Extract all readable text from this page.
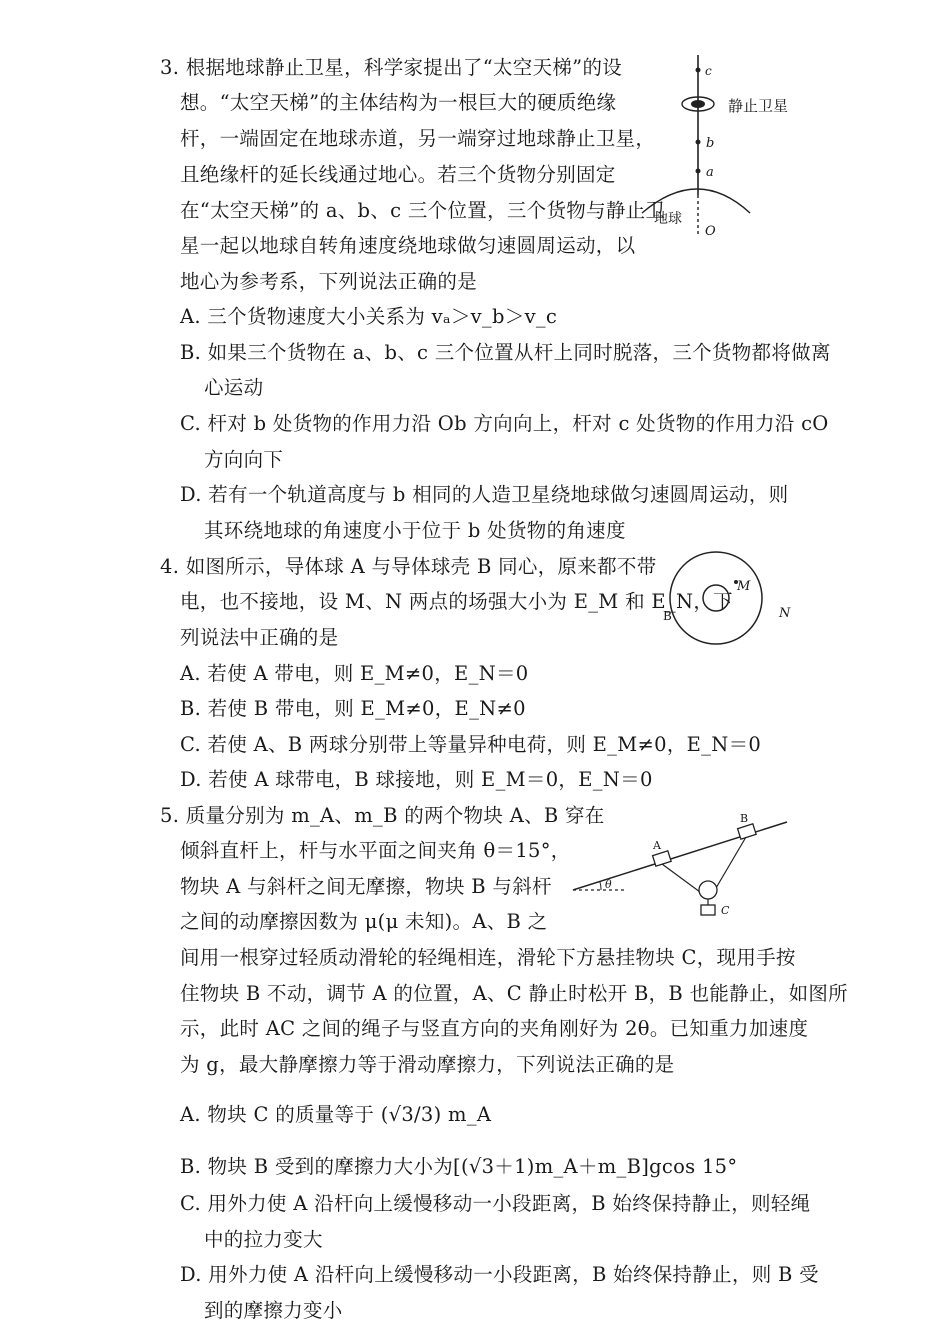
3. 根据地球静止卫星，科学家提出了“太空天梯”的设
想。“太空天梯”的主体结构为一根巨大的硬质绝缘
杆，一端固定在地球赤道，另一端穿过地球静止卫星，
且绝缘杆的延长线通过地心。若三个货物分别固定
在“太空天梯”的 a、b、c 三个位置，三个货物与静止卫
星一起以地球自转角速度绕地球做匀速圆周运动，以
地心为参考系，下列说法正确的是
A. 三个货物速度大小关系为 vₐ＞v_b＞v_c
B. 如果三个货物在 a、b、c 三个位置从杆上同时脱落，三个货物都将做离
心运动
C. 杆对 b 处货物的作用力沿 Ob 方向向上，杆对 c 处货物的作用力沿 cO
方向向下
D. 若有一个轨道高度与 b 相同的人造卫星绕地球做匀速圆周运动，则
其环绕地球的角速度小于位于 b 处货物的角速度
c
静止卫星
b
a
地球
O
4. 如图所示，导体球 A 与导体球壳 B 同心，原来都不带
电，也不接地，设 M、N 两点的场强大小为 E_M 和 E_N，下
列说法中正确的是
A. 若使 A 带电，则 E_M≠0，E_N＝0
B. 若使 B 带电，则 E_M≠0，E_N≠0
C. 若使 A、B 两球分别带上等量异种电荷，则 E_M≠0，E_N＝0
D. 若使 A 球带电，B 球接地，则 E_M＝0，E_N＝0
M
B	N
5. 质量分别为 m_A、m_B 的两个物块 A、B 穿在
倾斜直杆上，杆与水平面之间夹角 θ＝15°，
物块 A 与斜杆之间无摩擦，物块 B 与斜杆
之间的动摩擦因数为 μ(μ 未知)。A、B 之
间用一根穿过轻质动滑轮的轻绳相连，滑轮下方悬挂物块 C，现用手按
住物块 B 不动，调节 A 的位置，A、C 静止时松开 B，B 也能静止，如图所
示，此时 AC 之间的绳子与竖直方向的夹角刚好为 2θ。已知重力加速度
为 g，最大静摩擦力等于滑动摩擦力，下列说法正确的是
A. 物块 C 的质量等于 (√3/3) m_A
B. 物块 B 受到的摩擦力大小为[(√3＋1)m_A＋m_B]gcos 15°
C. 用外力使 A 沿杆向上缓慢移动一小段距离，B 始终保持静止，则轻绳
中的拉力变大
D. 用外力使 A 沿杆向上缓慢移动一小段距离，B 始终保持静止，则 B 受
到的摩擦力变小
θ
A
B
C
